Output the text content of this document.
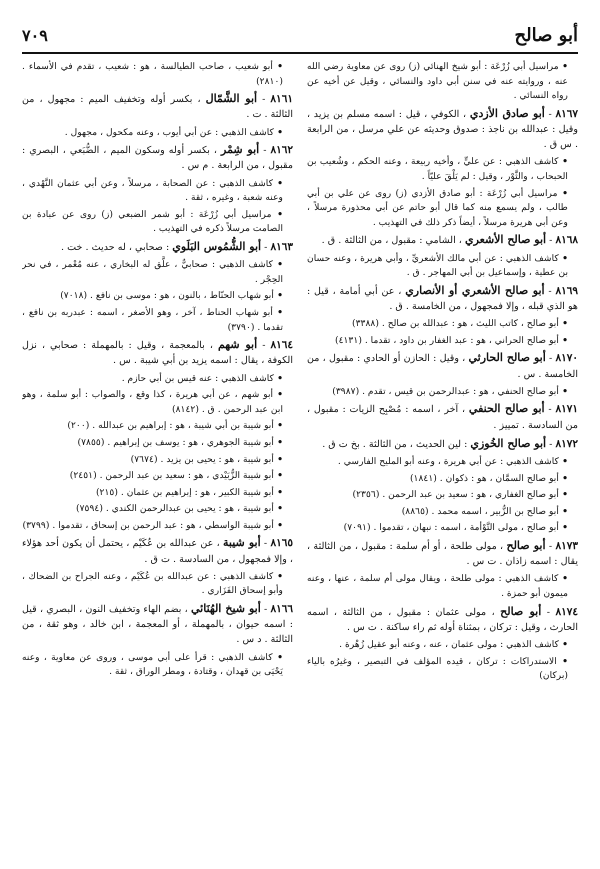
٧٠٩	أبو صالح

• أبو شعيب ، صاحب الطيالسة ، هو : شعيب ، تقدم في الأسماء . (٢٨١٠)

٨١٦١ - أبو الشَّمّال ، بكسر أوله وتخفيف الميم : مجهول ، من الثالثة . ت .

• كاشف الذهبي : عن أبي أيوب ، وعنه مكحول ، مجهول .

٨١٦٢ - أبو شِمْر ، بكسر أوله وسكون الميم ، الضُّبَعي ، البصري : مقبول ، من الرابعة . م س .

• كاشف الذهبي : عن الصحابة ، مرسلاً ، وعن أبي عثمان النَّهْدي ، وعنه شعبة ، وغيره ، ثقة .

• مراسيل أبي زُرْعَة : أبو شمر الضبعي (ز) روى عن عبادة بن الصامت مرسلاً ذكره في التهذيب .

٨١٦٣ - أبو الشُّمُوس البَلَوي : صحابي ، له حديث . خت .

• كاشف الذهبي : صحابيٌّ ، علَّق له البخاري ، عنه مُعْمر ، في نحر الحِجْر .

• أبو شهاب الحنّاط ، بالنون ، هو : موسى بن نافع . (٧٠١٨)

• أبو شهاب الحناط ، آخر ، وهو الأصغر ، اسمه : عبدربه بن نافع ، تقدما . (٣٧٩٠)

٨١٦٤ - أبو شهم ، بالمعجمة ، وقيل : بالمهملة : صحابي ، نزل الكوفة ، يقال : اسمه يزيد بن أبي شيبة . س .

• كاشف الذهبي : عنه قيس بن أبي حازم .

• أبو شهم ، عن أبي هريرة ، كذا وقع ، والصواب : أبو سلمة ، وهو ابن عبد الرحمن . ق . (٨١٤٢)

• أبو شيبة بن أبي شيبة ، هو : إبراهيم بن عبدالله . (٢٠٠)

• أبو شيبة الجوهري ، هو : يوسف بن إبراهيم . (٧٨٥٥)

• أبو شيبة ، هو : يحيى بن يزيد . (٧٦٧٤)

• أبو شيبة الزُّبَيْدي ، هو : سعيد بن عبد الرحمن . (٢٤٥١)

• أبو شيبة الكبير ، هو : إبراهيم بن عثمان . (٢١٥)

• أبو شيبة ، هو : يحيى بن عبدالرحمن الكندي . (٧٥٩٤)

• أبو شيبة الواسطي ، هو : عبد الرحمن بن إسحاق ، تقدموا . (٣٧٩٩)

٨١٦٥ - أبو شيبة ، عن عبدالله بن عُكَيْم ، يحتمل أن يكون أحد هؤلاء ، وإلا فمجهول ، من السادسة . ت ق .

• كاشف الذهبي : عن عبدالله بن عُكَيْم ، وعنه الجراح بن الضحاك ، وأبو إسحاق الفَزَاري .

٨١٦٦ - أبو شيخ الهُنَائي ، بضم الهاء وتخفيف النون ، البصري ، قيل : اسمه حيوان ، بالمهملة ، أو المعجمة ، ابن خالد ، وهو ثقة ، من الثالثة . د س .

• كاشف الذهبي : قرأ على أبي موسى ، وروى عن معاوية ، وعنه يَحْيَى بن قهدان ، وقتادة ، ومطر الوراق ، ثقة .

• مراسيل أبي زُرْعَة : أبو شيخ الهنائي (ز) روى عن معاوية رضي الله عنه ، وروايته عنه في سنن أبي داود والنسائي ، وقيل عن أخيه عن رواه النسائي .

٨١٦٧ - أبو صادق الأزدي ، الكوفي ، قيل : اسمه مسلم بن يزيد ، وقيل : عبدالله بن ناجذ : صدوق وحديثه عن علي مرسل ، من الرابعة . س ق .

• كاشف الذهبي : عن عليٍّ ، وأخيه ربيعة ، وعنه الحكم ، وشُعيب بن الحبحاب ، والثَّوْر ، وقيل : لم يَلْقَ عليّاً .

• مراسيل أبي زُرْعَة : أبو صادق الأزدي (ز) روى عن علي بن أبي طالب ، ولم يسمع منه كما قال أبو حاتم عن أبي محذورة مرسلاً ، وعن أبي هريرة مرسلاً ، أيضاً ذكر ذلك في التهذيب .

٨١٦٨ - أبو صالح الأشعري ، الشامي : مقبول ، من الثالثة . ق .

• كاشف الذهبي : عن أبي مالك الأشعريِّ ، وأبي هريرة ، وعنه حسان بن عطية ، وإسماعيل بن أبي المهاجر . ق .

٨١٦٩ - أبو صالح الأشعري أو الأنصاري ، عن أبي أمامة ، قيل : هو الذي قبله ، وإلا فمجهول ، من الخامسة . ق .

• أبو صالح ، كاتب الليث ، هو : عبدالله بن صالح . (٣٣٨٨)

• أبو صالح الحراني ، هو : عبد الغفار بن داود ، تقدما . (٤١٣١)

٨١٧٠ - أبو صالح الحارثي ، وقيل : الحازن أو الحادي : مقبول ، من الخامسة . س .

• أبو صالح الحنفي ، هو : عبدالرحمن بن قيس ، تقدم . (٣٩٨٧)

٨١٧١ - أبو صالح الحنفي ، آخر ، اسمه : مُصْبِح الزيات : مقبول ، من السادسة . تمييز .

٨١٧٢ - أبو صالح الخُوزي : لين الحديث ، من الثالثة . بخ ت ق .

• كاشف الذهبي : عن أبي هريرة ، وعنه أبو المليح الفارسي .

• أبو صالح السمَّان ، هو : ذكوان . (١٨٤١)

• أبو صالح الغفاري ، هو : سعيد بن عبد الرحمن . (٢٣٥٦)

• أبو صالح بن الزُّبير ، اسمه محمد . (٨٨٦٥)

• أبو صالح ، مولى التَّوْأمة ، اسمه : نبهان ، تقدموا . (٧٠٩١)

٨١٧٣ - أبو صالح ، مولى طلحة ، أو أم سلمة : مقبول ، من الثالثة ، يقال : اسمه زاذان . ت س .

• كاشف الذهبي : مولى طلحة ، ويقال مولى أم سلمة ، عنها ، وعنه ميمون أبو حمزة .

٨١٧٤ - أبو صالح ، مولى عثمان : مقبول ، من الثالثة ، اسمه الحارث ، وقيل : تركان ، بمثناة أوله ثم راء ساكنة . ت س .

• كاشف الذهبي : مولى عثمان ، عنه ، وعنه أبو عقيل زُهْرة .

• الاستدراكات : تركان ، قيده المؤلف في التبصير ، وغيرُه بالياء (بركان)
